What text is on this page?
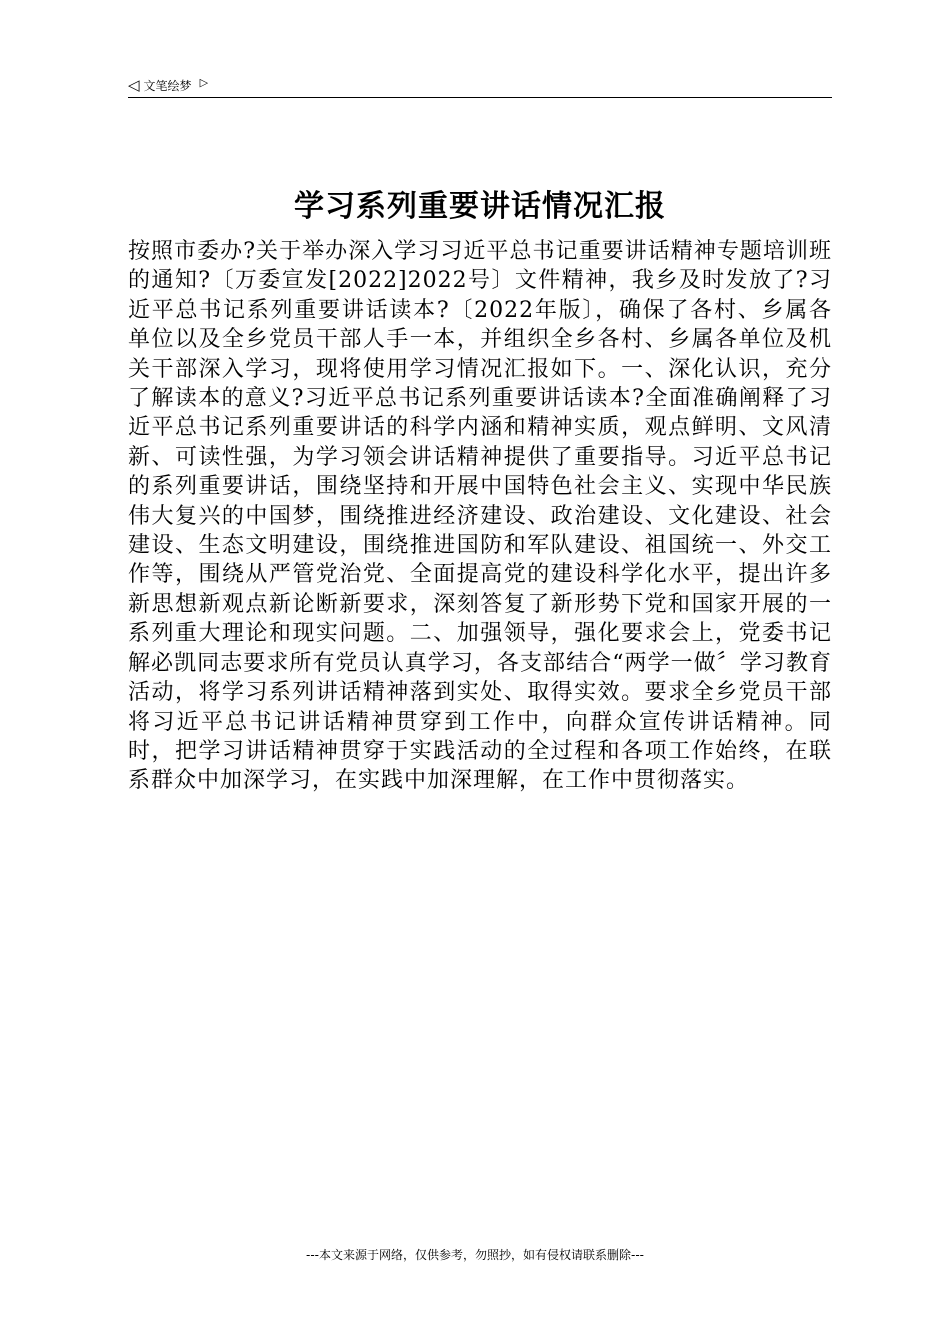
◁ 文笔绘梦 ▷
学习系列重要讲话情况汇报
按照市委办?关于举办深入学习习近平总书记重要讲话精神专题培训班的通知?〔万委宣发[2022]2022号〕文件精神，我乡及时发放了?习近平总书记系列重要讲话读本?〔2022年版〕，确保了各村、乡属各单位以及全乡党员干部人手一本，并组织全乡各村、乡属各单位及机关干部深入学习，现将使用学习情况汇报如下。一、深化认识，充分了解读本的意义?习近平总书记系列重要讲话读本?全面准确阐释了习近平总书记系列重要讲话的科学内涵和精神实质，观点鲜明、文风清新、可读性强，为学习领会讲话精神提供了重要指导。习近平总书记的系列重要讲话，围绕坚持和开展中国特色社会主义、实现中华民族伟大复兴的中国梦，围绕推进经济建设、政治建设、文化建设、社会建设、生态文明建设，围绕推进国防和军队建设、祖国统一、外交工作等，围绕从严管党治党、全面提高党的建设科学化水平，提出许多新思想新观点新论断新要求，深刻答复了新形势下党和国家开展的一系列重大理论和现实问题。二、加强领导，强化要求会上，党委书记解必凯同志要求所有党员认真学习，各支部结合“两学一做〞学习教育活动，将学习系列讲话精神落到实处、取得实效。要求全乡党员干部将习近平总书记讲话精神贯穿到工作中，向群众宣传讲话精神。同时，把学习讲话精神贯穿于实践活动的全过程和各项工作始终，在联系群众中加深学习，在实践中加深理解，在工作中贯彻落实。
---本文来源于网络，仅供参考，勿照抄，如有侵权请联系删除---
